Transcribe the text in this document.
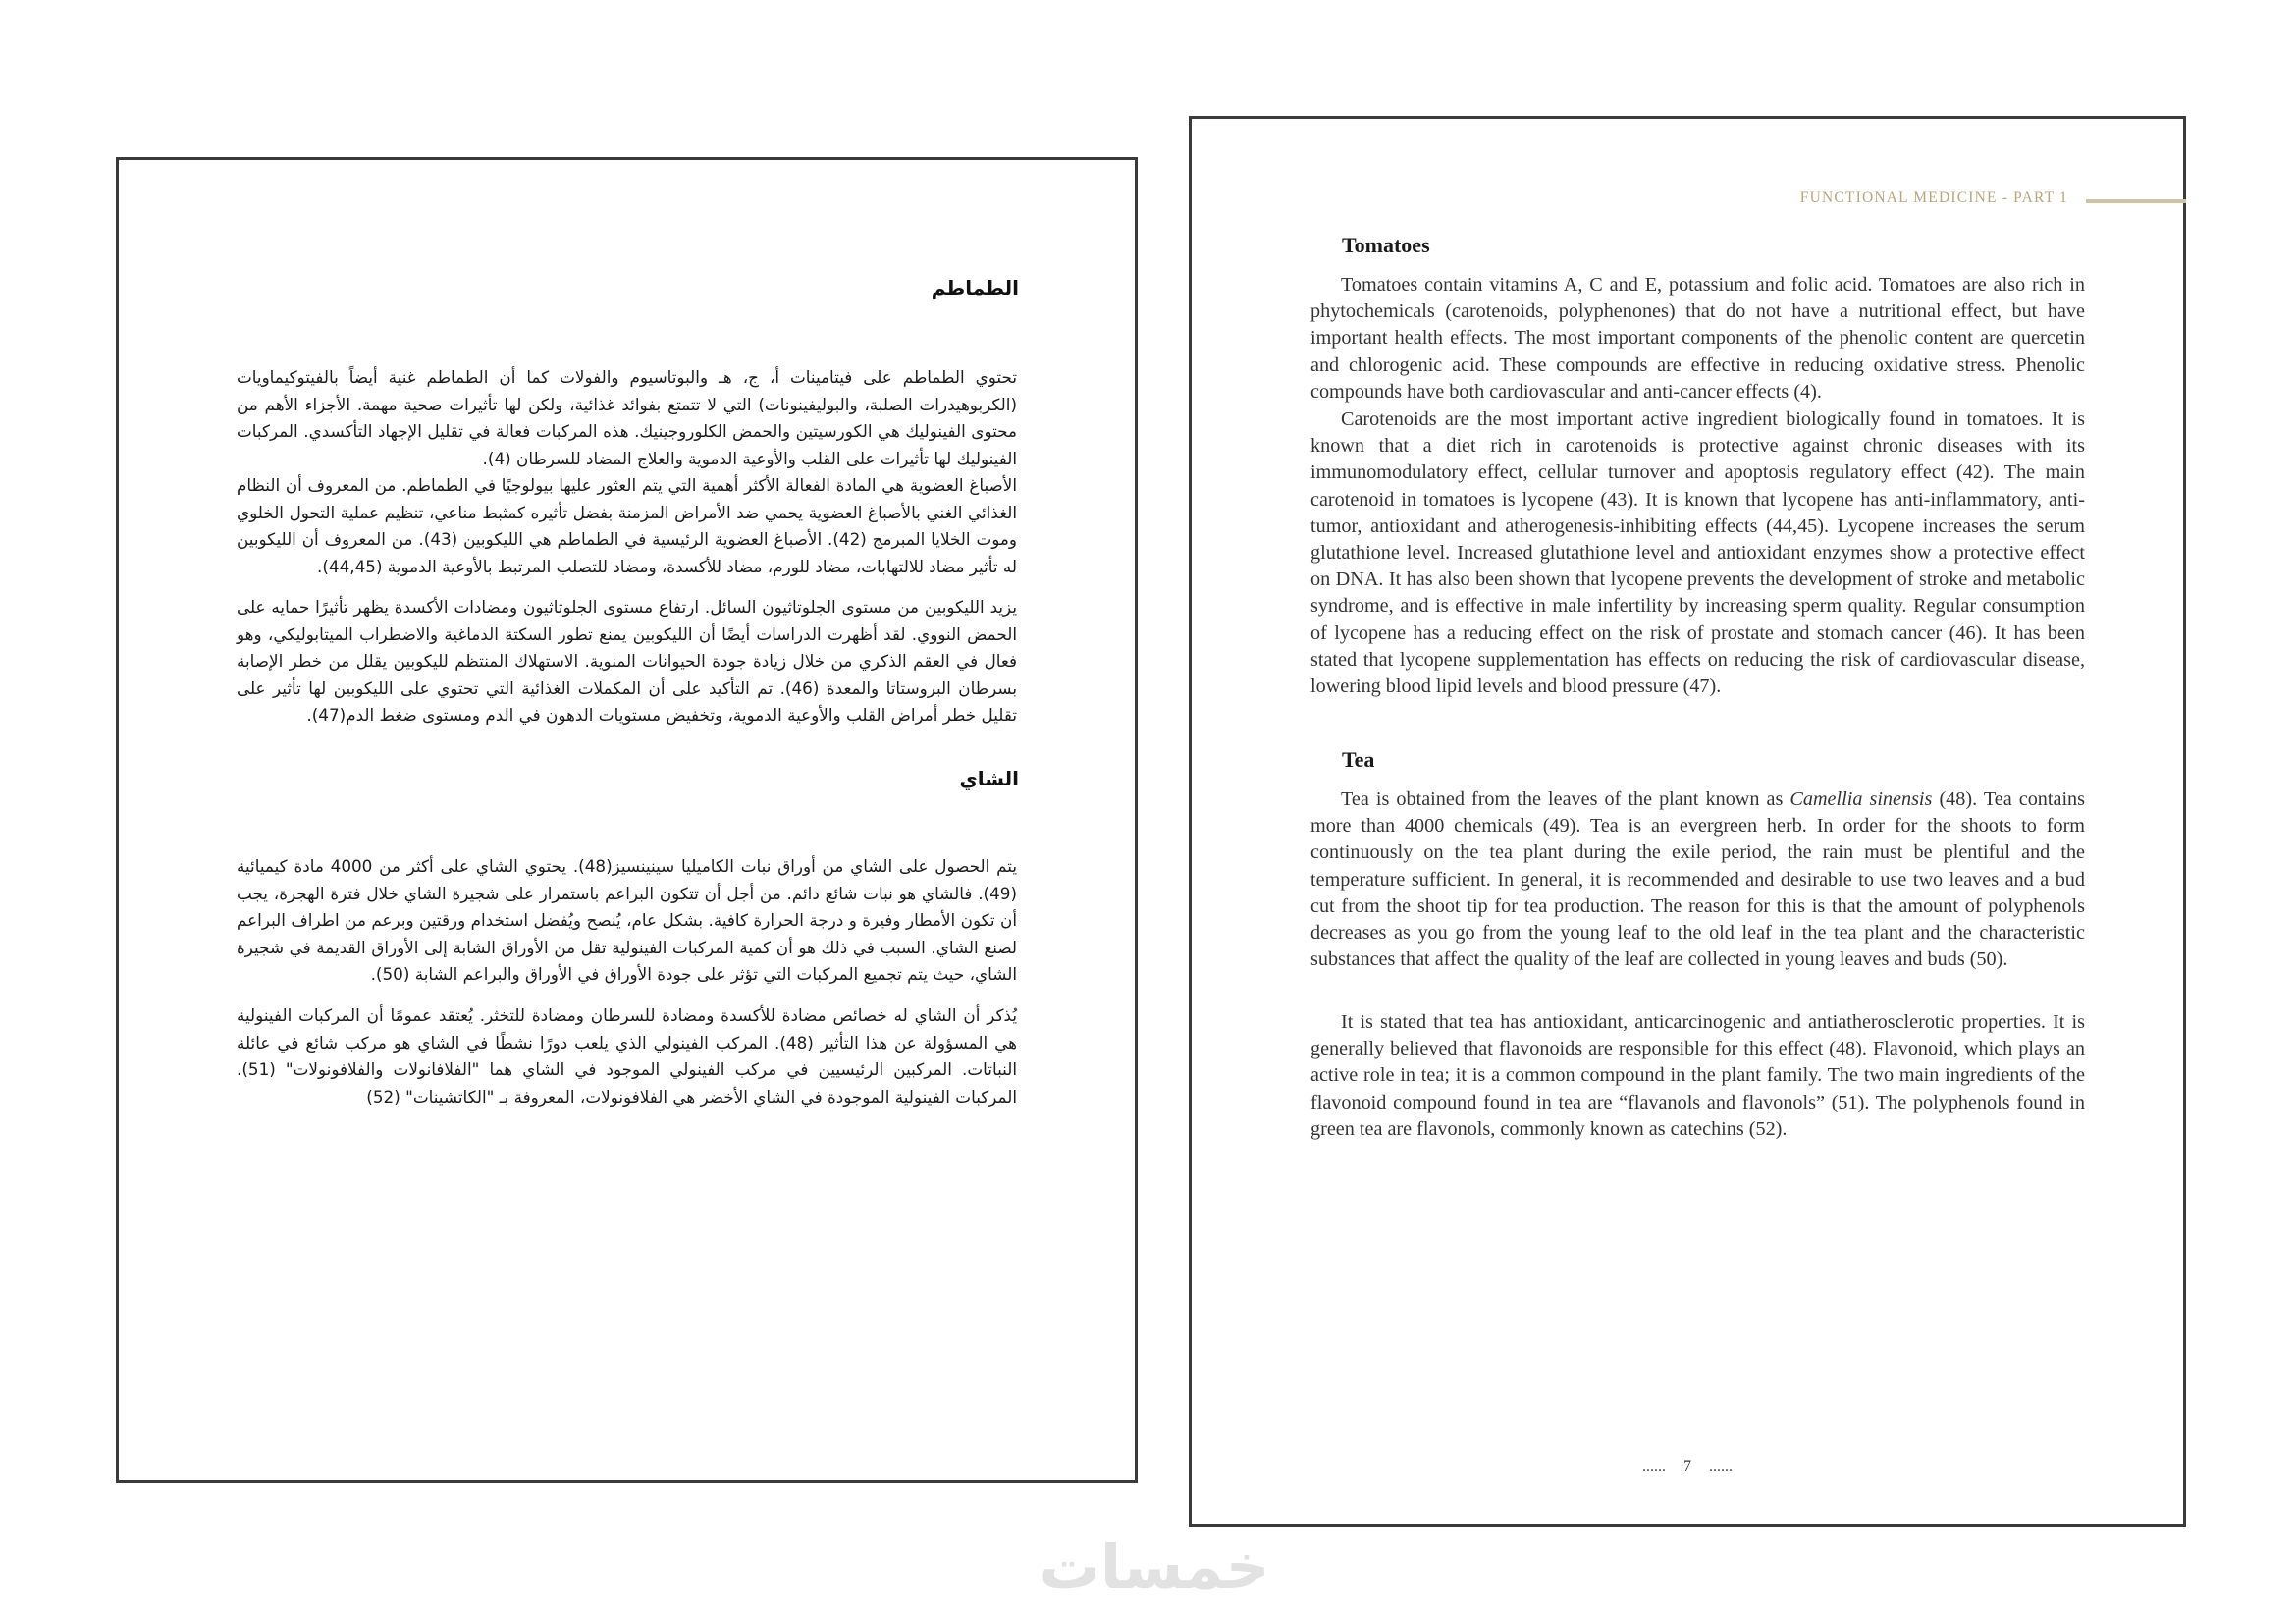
الطماطم

تحتوي الطماطم على فيتامينات أ، ج، هـ والبوتاسيوم والفولات كما أن الطماطم غنية أيضاً بالفيتوكيماويات (الكربوهيدرات الصلبة، والبوليفينونات) التي لا تتمتع بفوائد غذائية، ولكن لها تأثيرات صحية مهمة. الأجزاء الأهم من محتوى الفينوليك هي الكورسيتين والحمض الكلوروجينيك. هذه المركبات فعالة في تقليل الإجهاد التأكسدي. المركبات الفينوليك لها تأثيرات على القلب والأوعية الدموية والعلاج المضاد للسرطان (4).

الأصباغ العضوية هي المادة الفعالة الأكثر أهمية التي يتم العثور عليها بيولوجيًا في الطماطم. من المعروف أن النظام الغذائي الغني بالأصباغ العضوية يحمي ضد الأمراض المزمنة بفضل تأثيره كمثبط مناعي، تنظيم عملية التحول الخلوي وموت الخلايا المبرمج (42). الأصباغ العضوية الرئيسية في الطماطم هي الليكوبين (43). من المعروف أن الليكوبين له تأثير مضاد للالتهابات، مضاد للورم، مضاد للأكسدة، ومضاد للتصلب المرتبط بالأوعية الدموية (44,45).

يزيد الليكوبين من مستوى الجلوتاثيون السائل. ارتفاع مستوى الجلوتاثيون ومضادات الأكسدة يظهر تأثيرًا حمايه على الحمض النووي. لقد أظهرت الدراسات أيضًا أن الليكوبين يمنع تطور السكتة الدماغية والاضطراب الميتابوليكي، وهو فعال في العقم الذكري من خلال زيادة جودة الحيوانات المنوية. الاستهلاك المنتظم لليكوبين يقلل من خطر الإصابة بسرطان البروستاتا والمعدة (46). تم التأكيد على أن المكملات الغذائية التي تحتوي على الليكوبين لها تأثير على تقليل خطر أمراض القلب والأوعية الدموية، وتخفيض مستويات الدهون في الدم ومستوى ضغط الدم(47).

الشاي

يتم الحصول على الشاي من أوراق نبات الكاميليا سينينسيز(48). يحتوي الشاي على أكثر من 4000 مادة كيميائية (49). فالشاي هو نبات شائع دائم. من أجل أن تتكون البراعم باستمرار على شجيرة الشاي خلال فترة الهجرة، يجب أن تكون الأمطار وفيرة و درجة الحرارة كافية. بشكل عام، يُنصح ويُفضل استخدام ورقتين وبرعم من اطراف البراعم لصنع الشاي. السبب في ذلك هو أن كمية المركبات الفينولية تقل من الأوراق الشابة إلى الأوراق القديمة في شجيرة الشاي، حيث يتم تجميع المركبات التي تؤثر على جودة الأوراق في الأوراق والبراعم الشابة (50).

يُذكر أن الشاي له خصائص مضادة للأكسدة ومضادة للسرطان ومضادة للتخثر. يُعتقد عمومًا أن المركبات الفينولية هي المسؤولة عن هذا التأثير (48). المركب الفينولي الذي يلعب دورًا نشطًا في الشاي هو مركب شائع في عائلة النباتات. المركبين الرئيسيين في مركب الفينولي الموجود في الشاي هما "الفلافانولات والفلافونولات" (51). المركبات الفينولية الموجودة في الشاي الأخضر هي الفلافونولات، المعروفة بـ "الكاتشينات" (52)

FUNCTIONAL MEDICINE - PART 1
Tomatoes

Tomatoes contain vitamins A, C and E, potassium and folic acid. Tomatoes are also rich in phytochemicals (carotenoids, polyphenones) that do not have a nutritional effect, but have important health effects. The most important components of the phenolic content are quercetin and chlorogenic acid. These compounds are effective in reducing oxidative stress. Phenolic compounds have both cardiovascular and anti-cancer effects (4).

Carotenoids are the most important active ingredient biologically found in tomatoes. It is known that a diet rich in carotenoids is protective against chronic diseases with its immunomodulatory effect, cellular turnover and apoptosis regulatory effect (42). The main carotenoid in tomatoes is lycopene (43). It is known that lycopene has anti-inflammatory, anti-tumor, antioxidant and atherogenesis-inhibiting effects (44,45). Lycopene increases the serum glutathione level. Increased glutathione level and antioxidant enzymes show a protective effect on DNA. It has also been shown that lycopene prevents the development of stroke and metabolic syndrome, and is effective in male infertility by increasing sperm quality. Regular consumption of lycopene has a reducing effect on the risk of prostate and stomach cancer (46). It has been stated that lycopene supplementation has effects on reducing the risk of cardiovascular disease, lowering blood lipid levels and blood pressure (47).

Tea

Tea is obtained from the leaves of the plant known as Camellia sinensis (48). Tea contains more than 4000 chemicals (49). Tea is an evergreen herb. In order for the shoots to form continuously on the tea plant during the exile period, the rain must be plentiful and the temperature sufficient. In general, it is recommended and desirable to use two leaves and a bud cut from the shoot tip for tea production. The reason for this is that the amount of polyphenols decreases as you go from the young leaf to the old leaf in the tea plant and the characteristic substances that affect the quality of the leaf are collected in young leaves and buds (50).

It is stated that tea has antioxidant, anticarcinogenic and antiatherosclerotic properties. It is generally believed that flavonoids are responsible for this effect (48). Flavonoid, which plays an active role in tea; it is a common compound in the plant family. The two main ingredients of the flavonoid compound found in tea are “flavanols and flavonols” (51). The polyphenols found in green tea are flavonols, commonly known as catechins (52).

...... 7 ......
خمسات
